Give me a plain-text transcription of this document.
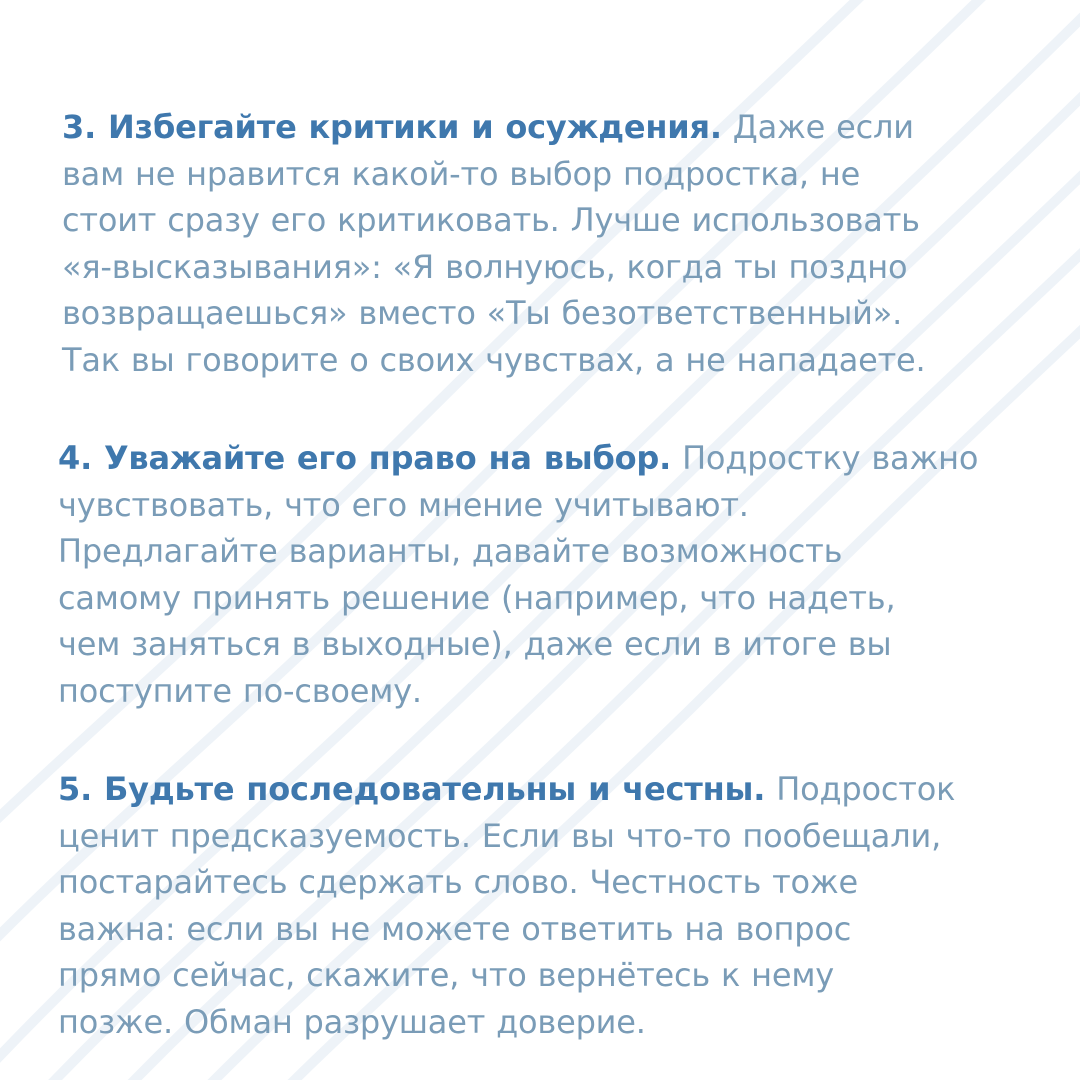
3. Избегайте критики и осуждения. Даже если
вам не нравится какой-то выбор подростка, не
стоит сразу его критиковать. Лучше использовать
«я-высказывания»: «Я волнуюсь, когда ты поздно
возвращаешься» вместо «Ты безответственный».
Так вы говорите о своих чувствах, а не нападаете.

4. Уважайте его право на выбор. Подростку важно
чувствовать, что его мнение учитывают.
Предлагайте варианты, давайте возможность
самому принять решение (например, что надеть,
чем заняться в выходные), даже если в итоге вы
поступите по-своему.

5. Будьте последовательны и честны. Подросток
ценит предсказуемость. Если вы что-то пообещали,
постарайтесь сдержать слово. Честность тоже
важна: если вы не можете ответить на вопрос
прямо сейчас, скажите, что вернётесь к нему
позже. Обман разрушает доверие.
